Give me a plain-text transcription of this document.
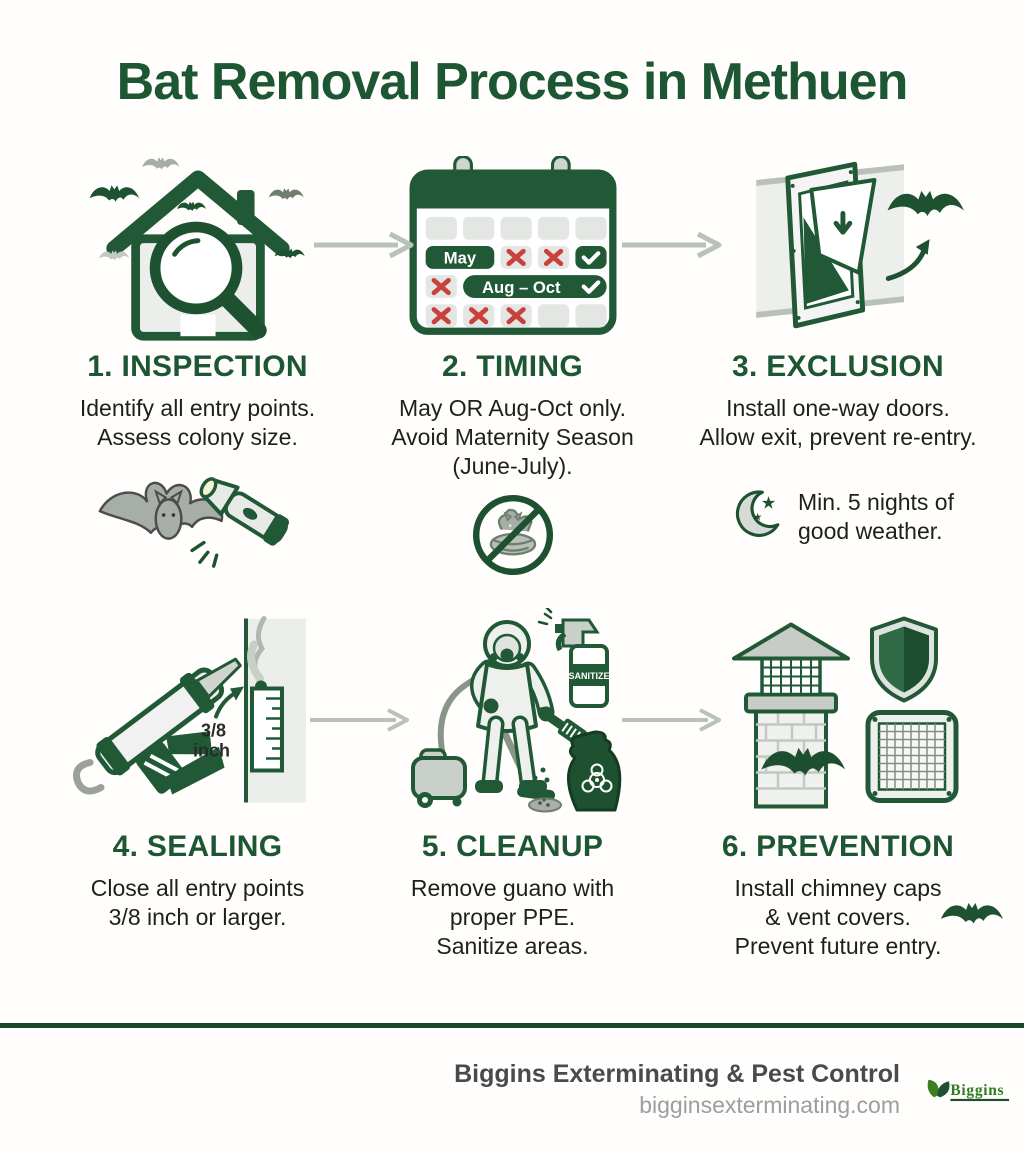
Bat Removal Process in Methuen
1. INSPECTION
Identify all entry points.
Assess colony size.
May
Aug – Oct
2. TIMING
May OR Aug-Oct only.
Avoid Maternity Season
(June-July).
3. EXCLUSION
Install one-way doors.
Allow exit, prevent re-entry.
Min. 5 nights of
good weather.
3/8
inch
4. SEALING
Close all entry points
3/8 inch or larger.
SANITIZE
5. CLEANUP
Remove guano with
proper PPE.
Sanitize areas.
6. PREVENTION
Install chimney caps
& vent covers.
Prevent future entry.
Biggins Exterminating & Pest Control
bigginsexterminating.com
Biggins
